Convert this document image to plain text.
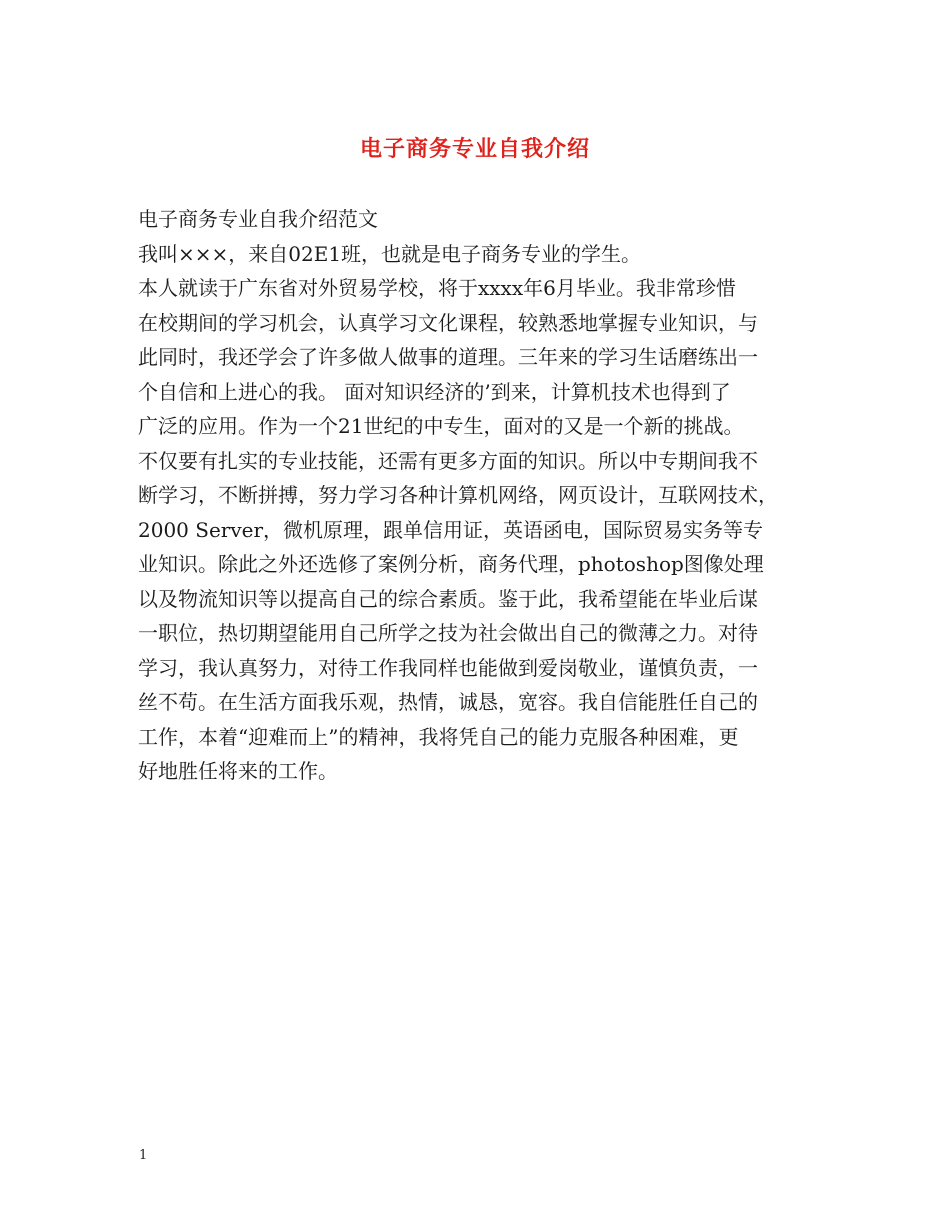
电子商务专业自我介绍
电子商务专业自我介绍范文
我叫×××，来自02E1班，也就是电子商务专业的学生。
本人就读于广东省对外贸易学校，将于xxxx年6月毕业。我非常珍惜
在校期间的学习机会，认真学习文化课程，较熟悉地掌握专业知识，与
此同时，我还学会了许多做人做事的道理。三年来的学习生话磨练出一
个自信和上进心的我。 面对知识经济的’到来，计算机技术也得到了
广泛的应用。作为一个21世纪的中专生，面对的又是一个新的挑战。
不仅要有扎实的专业技能，还需有更多方面的知识。所以中专期间我不
断学习，不断拼搏，努力学习各种计算机网络，网页设计，互联网技术，
2000 Server，微机原理，跟单信用证，英语函电，国际贸易实务等专
业知识。除此之外还选修了案例分析，商务代理，photoshop图像处理
以及物流知识等以提高自己的综合素质。鉴于此，我希望能在毕业后谋
一职位，热切期望能用自己所学之技为社会做出自己的微薄之力。对待
学习，我认真努力，对待工作我同样也能做到爱岗敬业，谨慎负责，一
丝不苟。在生活方面我乐观，热情，诚恳，宽容。我自信能胜任自己的
工作，本着“迎难而上”的精神，我将凭自己的能力克服各种困难，更
好地胜任将来的工作。
1
